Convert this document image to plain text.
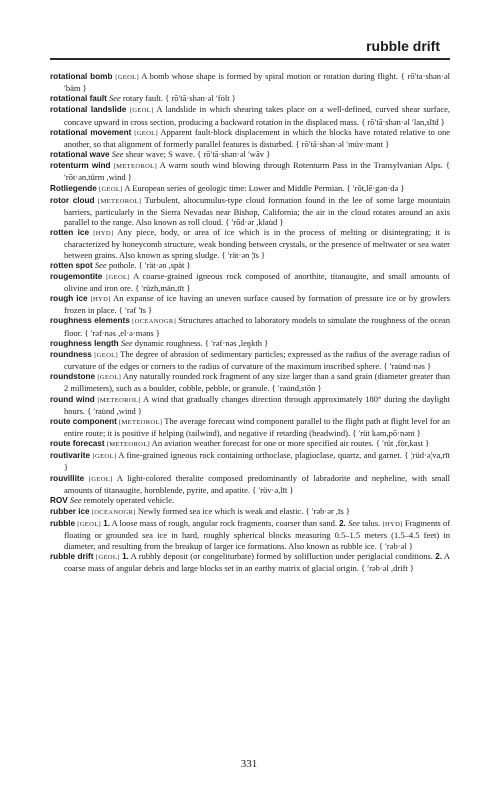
rubble drift

rotational bomb [GEOL] A bomb whose shape is formed by spiral motion or rotation during flight. { rō′ta·shən·əl ′bäm }

rotational fault See rotary fault. { rō′tā·shən·əl ′fȯlt }

rotational landslide [GEOL] A landslide in which shearing takes place on a well-defined, curved shear surface, concave upward in cross section, producing a backward rotation in the displaced mass. { rō′tā·shən·əl ′lan,slīd }

rotational movement [GEOL] Apparent fault-block displacement in which the blocks have rotated relative to one another, so that alignment of formerly parallel features is disturbed. { rō′tā·shən·əl ′müv·mənt }

rotational wave See shear wave; S wave. { rō′tā·shən·əl ′wāv }

rotenturm wind [METEOROL] A warm south wind blowing through Rotenturm Pass in the Transylvanian Alps. { ′rōt·ən,türm ,wind }

Rotliegende [GEOL] A European series of geologic time: Lower and Middle Permian. { ′rōt,lē·gən·də }

rotor cloud [METEOROL] Turbulent, altocumulus-type cloud formation found in the lee of some large mountain barriers, particularly in the Sierra Nevadas near Bishop, California; the air in the cloud rotates around an axis parallel to the range. Also known as roll cloud. { ′rōd·ər ,klau̇d }

rotten ice [HYD] Any piece, body, or area of ice which is in the process of melting or disintegrating; it is characterized by honeycomb structure, weak bonding between crystals, or the presence of meltwater or sea water between grains. Also known as spring sludge. { ′rät·ən ¦īs }

rotten spot See pothole. { ′rät·ən ,spät }

rougemontite [GEOL] A coarse-grained igneous rock composed of anorthite, titanaugite, and small amounts of olivine and iron ore. { ′rüzh,män,tīt }

rough ice [HYD] An expanse of ice having an uneven surface caused by formation of pressure ice or by growlers frozen in place. { ′rəf ′īs }

roughness elements [OCEANOGR] Structures attached to laboratory models to simulate the roughness of the ocean floor. { ′rəf·nəs ,el·ə·məns }

roughness length See dynamic roughness. { ′rəf·nəs ,leŋkth }

roundness [GEOL] The degree of abrasion of sedimentary particles; expressed as the radius of the average radius of curvature of the edges or corners to the radius of curvature of the maximum inscribed sphere. { ′rau̇nd·nəs }

roundstone [GEOL] Any naturally rounded rock fragment of any size larger than a sand grain (diameter greater than 2 millimeters), such as a boulder, cobble, pebble, or granule. { ′rau̇nd,stōn }

round wind [METEOROL] A wind that gradually changes direction through approximately 180° during the daylight hours. { ′rau̇nd ,wind }

route component [METEOROL] The average forecast wind component parallel to the flight path at flight level for an entire route; it is positive if helping (tailwind), and negative if retarding (headwind). { ′rüt kəm,pō·nənt }

route forecast [METEOROL] An aviation weather forecast for one or more specified air routes. { ′rüt ,fȯr,kast }

routivarite [GEOL] A fine-grained igneous rock containing orthoclase, plagioclase, quartz, and garnet. { ¦rüd·ə¦va,rīt }

rouvillite [GEOL] A light-colored theralite composed predominantly of labradorite and nepheline, with small amounts of titanaugite, hornblende, pyrite, and apatite. { ′rüv·ə,līt }

ROV See remotely operated vehicle.

rubber ice [OCEANOGR] Newly formed sea ice which is weak and elastic. { ′rəb·ər ,īs }

rubble [GEOL] 1. A loose mass of rough, angular rock fragments, coarser than sand. 2. See talus. [HYD] Fragments of floating or grounded sea ice in hard, roughly spherical blocks measuring 0.5–1.5 meters (1.5–4.5 feet) in diameter, and resulting from the breakup of larger ice formations. Also known as rubble ice. { ′rəb·əl }

rubble drift [GEOL] 1. A rubbly deposit (or congeliturbate) formed by solifluction under periglacial conditions. 2. A coarse mass of angular debris and large blocks set in an earthy matrix of glacial origin. { ′rəb·əl ,drift }

331
